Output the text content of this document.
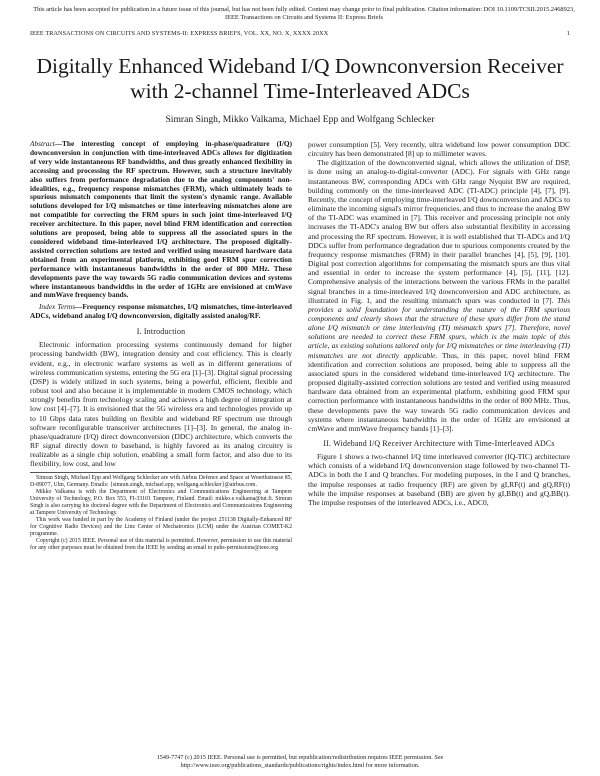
This article has been accepted for publication in a future issue of this journal, but has not been fully edited. Content may change prior to final publication. Citation information: DOI 10.1109/TCSII.2015.2468923, IEEE Transactions on Circuits and Systems II: Express Briefs
IEEE TRANSACTIONS ON CIRCUITS AND SYSTEMS-II: EXPRESS BRIEFS, VOL. XX, NO. X, XXXX 20XX	1
Digitally Enhanced Wideband I/Q Downconversion Receiver with 2-channel Time-Interleaved ADCs
Simran Singh, Mikko Valkama, Michael Epp and Wolfgang Schlecker

Abstract—The interesting concept of employing in-phase/quadrature (I/Q) downconversion in conjunction with time-interleaved ADCs allows for digitization of very wide instantaneous RF bandwidths, and thus greatly enhanced flexibility in accessing and processing the RF spectrum. However, such a structure inevitably also suffers from performance degradation due to the analog components' non-idealities, e.g., frequency response mismatches (FRM), which ultimately leads to spurious mismatch components that limit the system's dynamic range. Available solutions developed for I/Q mismatches or time interleaving mismatches alone are not compatible for correcting the FRM spurs in such joint time-interleaved I/Q receiver architecture. In this paper, novel blind FRM identification and correction solutions are proposed, being able to suppress all the associated spurs in the considered wideband time-interleaved I/Q architecture. The proposed digitally-assisted correction solutions are tested and verified using measured hardware data obtained from an experimental platform, exhibiting good FRM spur correction performance with instantaneous bandwidths in the order of 800 MHz. These developments pave the way towards 5G radio communication devices and systems where instantaneous bandwidths in the order of 1GHz are envisioned at cmWave and mmWave frequency bands.

Index Terms—Frequency response mismatches, I/Q mismatches, time-interleaved ADCs, wideband analog I/Q downconversion, digitally assisted analog/RF.

I. Introduction

Electronic information processing systems continuously demand for higher processing bandwidth (BW), integration density and cost efficiency. This is clearly evident, e.g., in electronic warfare systems as well as in different generations of wireless communication systems, entering the 5G era [1]–[3]. Digital signal processing (DSP) is widely utilized in such systems, being a powerful, efficient, flexible and robust tool and also because it is implementable in modern CMOS technology, which strongly benefits from technology scaling and achieves a high degree of integration at low cost [4]–[7]. It is envisioned that the 5G wireless era and technologies provide up to 10 Gbps data rates building on flexible and wideband RF spectrum use through software reconfigurable transceiver architectures [1]–[3]. In general, the analog in-phase/quadrature (I/Q) direct downconversion (DDC) architecture, which converts the RF signal directly down to baseband, is highly favored as its analog circuitry is realizable as a single chip solution, enabling a small form factor, and also due to its flexibility, low cost, and low

Simran Singh, Michael Epp and Wolfgang Schlecker are with Airbus Defence and Space at Woerthstrasse 85, D-89077, Ulm, Germany. Emails: {simran.singh, michael.epp, wolfgang.schlecker}@airbus.com.

Mikko Valkama is with the Department of Electronics and Communications Engineering at Tampere University of Technology, P.O. Box 553, FI-33101 Tampere, Finland. Email: mikko.e.valkama@tut.fi. Simran Singh is also carrying his doctoral degree with the Department of Electronics and Communications Engineering at Tampere University of Technology.

This work was funded in part by the Academy of Finland (under the project 251138 Digitally-Enhanced RF for Cognitive Radio Devices) and the Linz Center of Mechatronics (LCM) under the Austrian COMET-K2 programme.

Copyright (c) 2015 IEEE. Personal use of this material is permitted. However, permission to use this material for any other purposes must be obtained from the IEEE by sending an email to pubs-permissions@ieee.org

power consumption [5]. Very recently, ultra wideband low power consumption DDC circuitry has been demonstrated [8] up to millimeter waves.

The digitization of the downconverted signal, which allows the utilization of DSP, is done using an analog-to-digital-converter (ADC). For signals with GHz range instantaneous BW, corresponding ADCs with GHz range Nyquist BW are required, building commonly on the time-interleaved ADC (TI-ADC) principle [4], [7], [9]. Recently, the concept of employing time-interleaved I/Q downconversion and ADCs to eliminate the incoming signal's mirror frequencies, and thus to increase the analog BW of the TI-ADC was examined in [7]. This receiver and processing principle not only increases the TI-ADC's analog BW but offers also substantial flexibility in accessing and processing the RF spectrum. However, it is well established that TI-ADCs and I/Q DDCs suffer from performance degradation due to spurious components created by the frequency response mismatches (FRM) in their parallel branches [4], [5], [9], [10]. Digital post correction algorithms for compensating the mismatch spurs are thus vital and essential in order to increase the system performance [4], [5], [11], [12]. Comprehensive analysis of the interactions between the various FRMs in the parallel signal branches in a time-interleaved I/Q downconversion and ADC architecture, as illustrated in Fig. 1, and the resulting mismatch spurs was conducted in [7]. This provides a solid foundation for understanding the nature of the FRM spurious components and clearly shows that the structure of these spurs differ from the stand alone I/Q mismatch or time interleaving (TI) mismatch spurs [7]. Therefore, novel solutions are needed to correct these FRM spurs, which is the main topic of this article, as existing solutions tailored only for I/Q mismatches or time interleaving (TI) mismatches are not directly applicable. Thus, in this paper, novel blind FRM identification and correction solutions are proposed, being able to suppress all the associated spurs in the considered wideband time-interleaved I/Q architecture. The proposed digitally-assisted correction solutions are tested and verified using measured hardware data obtained from an experimental platform, exhibiting good FRM spur correction performance with instantaneous bandwidths in the order of 800 MHz. Thus, these developments pave the way towards 5G radio communication devices and systems where instantaneous bandwidths in the order of 1GHz are envisioned at cmWave and mmWave frequency bands [1]–[3].

II. Wideband I/Q Receiver Architecture with Time-Interleaved ADCs

Figure 1 shows a two-channel I/Q time interleaved converter (IQ-TIC) architecture which consists of a wideband I/Q downconversion stage followed by two-channel TI-ADCs in both the I and Q branches. For modeling purposes, in the I and Q branches, the impulse responses at radio frequency (RF) are given by gI,RF(t) and gQ,RF(t) while the impulse responses at baseband (BB) are given by gI,BB(t) and gQ,BB(t). The impulse responses of the interleaved ADCs, i.e., ADC0,

1549-7747 (c) 2015 IEEE. Personal use is permitted, but republication/redistribution requires IEEE permission. See
http://www.ieee.org/publications_standards/publications/rights/index.html for more information.
